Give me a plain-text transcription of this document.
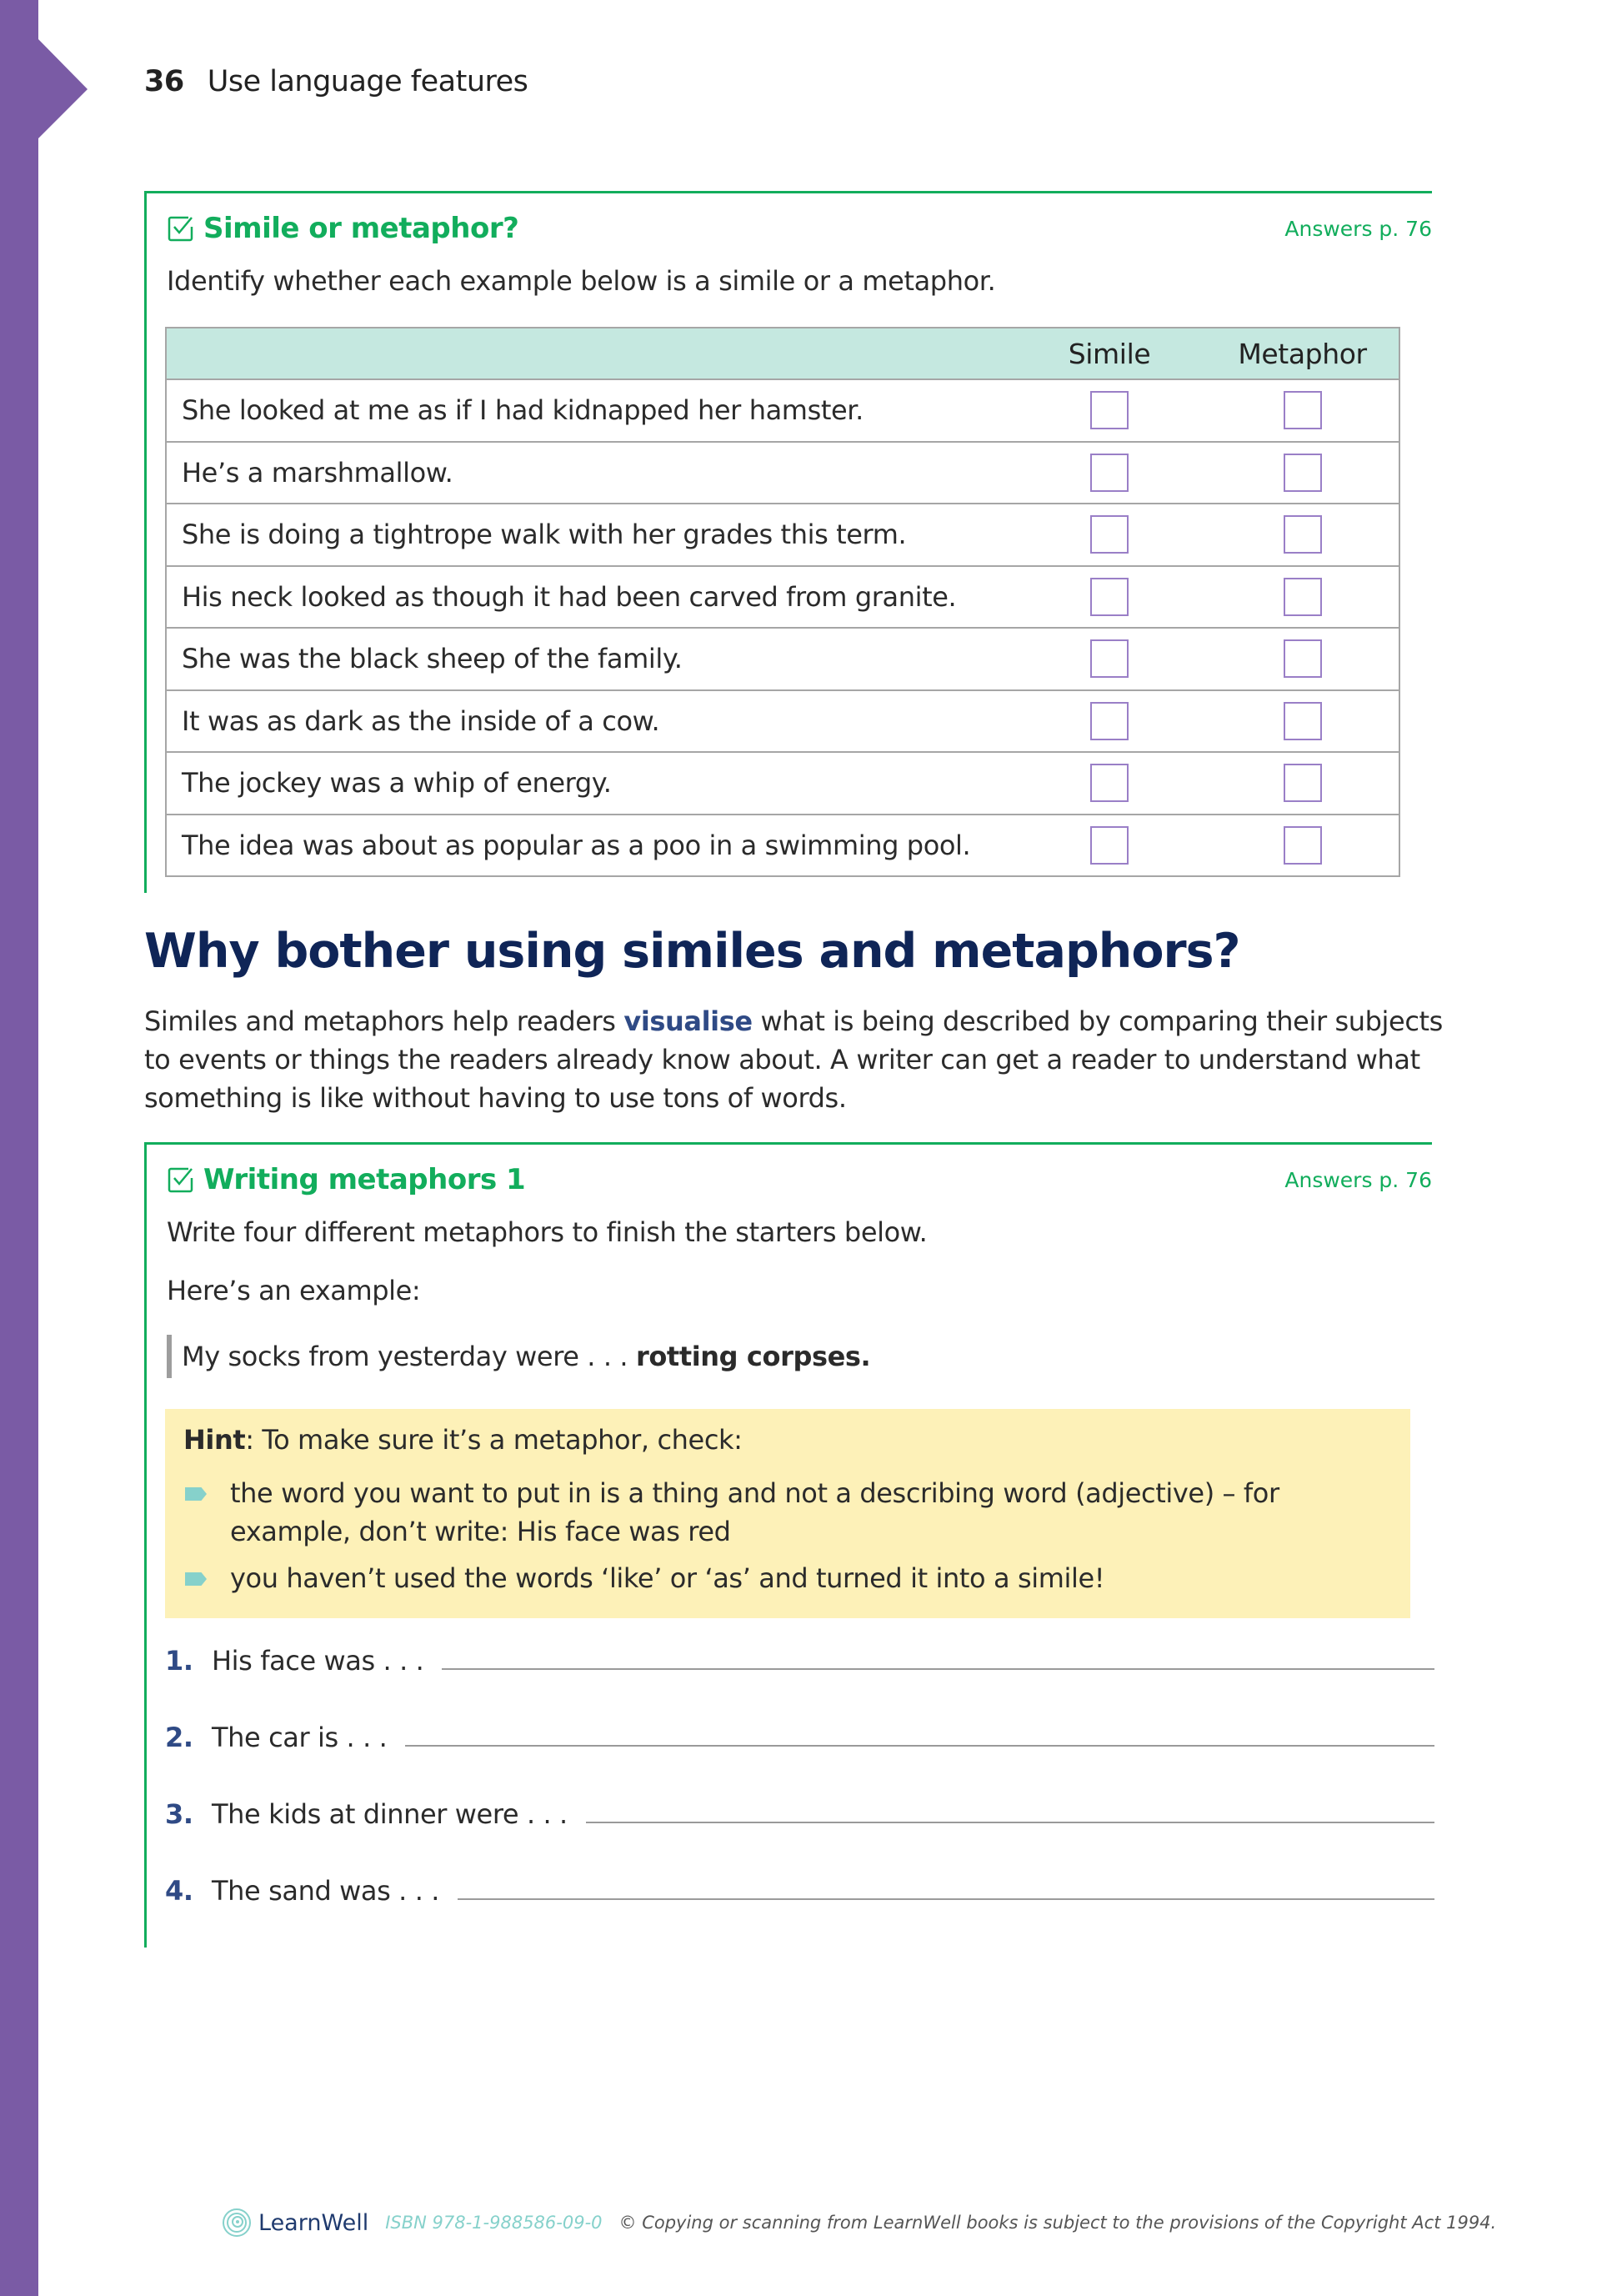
36 Use language features
Simile or metaphor?	Answers p. 76
Identify whether each example below is a simile or a metaphor.
	Simile	Metaphor
She looked at me as if I had kidnapped her hamster.		
He’s a marshmallow.		
She is doing a tightrope walk with her grades this term.		
His neck looked as though it had been carved from granite.		
She was the black sheep of the family.		
It was as dark as the inside of a cow.		
The jockey was a whip of energy.		
The idea was about as popular as a poo in a swimming pool.		
Why bother using similes and metaphors?

Similes and metaphors help readers visualise what is being described by comparing their subjects to events or things the readers already know about. A writer can get a reader to understand what something is like without having to use tons of words.

Writing metaphors 1	Answers p. 76
Write four different metaphors to finish the starters below.
Here’s an example:
My socks from yesterday were . . . rotting corpses.
Hint: To make sure it’s a metaphor, check:
the word you want to put in is a thing and not a describing word (adjective) – for example, don’t write: His face was red
you haven’t used the words ‘like’ or ‘as’ and turned it into a simile!
1. His face was . . .
2. The car is . . .
3. The kids at dinner were . . .
4. The sand was . . .
LearnWell ISBN 978-1-988586-09-0 © Copying or scanning from LearnWell books is subject to the provisions of the Copyright Act 1994.
